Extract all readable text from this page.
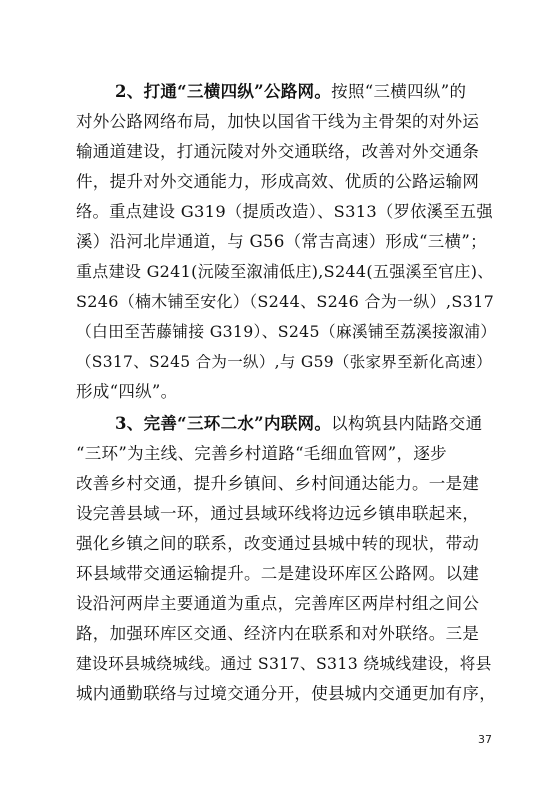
2、打通“三横四纵”公路网。按照“三横四纵”的
对外公路网络布局，加快以国省干线为主骨架的对外运
输通道建设，打通沅陵对外交通联络，改善对外交通条
件，提升对外交通能力，形成高效、优质的公路运输网
络。重点建设 G319（提质改造）、S313（罗依溪至五强
溪）沿河北岸通道，与 G56（常吉高速）形成“三横”；
重点建设 G241(沅陵至溆浦低庄),S244(五强溪至官庄)、
S246（楠木铺至安化）（S244、S246 合为一纵）,S317
（白田至苦藤铺接 G319）、S245（麻溪铺至荔溪接溆浦）
（S317、S245 合为一纵）,与 G59（张家界至新化高速）
形成“四纵”。
3、完善“三环二水”内联网。以构筑县内陆路交通
“三环”为主线、完善乡村道路“毛细血管网”，逐步
改善乡村交通，提升乡镇间、乡村间通达能力。一是建
设完善县域一环，通过县域环线将边远乡镇串联起来，
强化乡镇之间的联系，改变通过县城中转的现状，带动
环县域带交通运输提升。二是建设环库区公路网。以建
设沿河两岸主要通道为重点，完善库区两岸村组之间公
路，加强环库区交通、经济内在联系和对外联络。三是
建设环县城绕城线。通过 S317、S313 绕城线建设，将县
城内通勤联络与过境交通分开，使县城内交通更加有序，
37
